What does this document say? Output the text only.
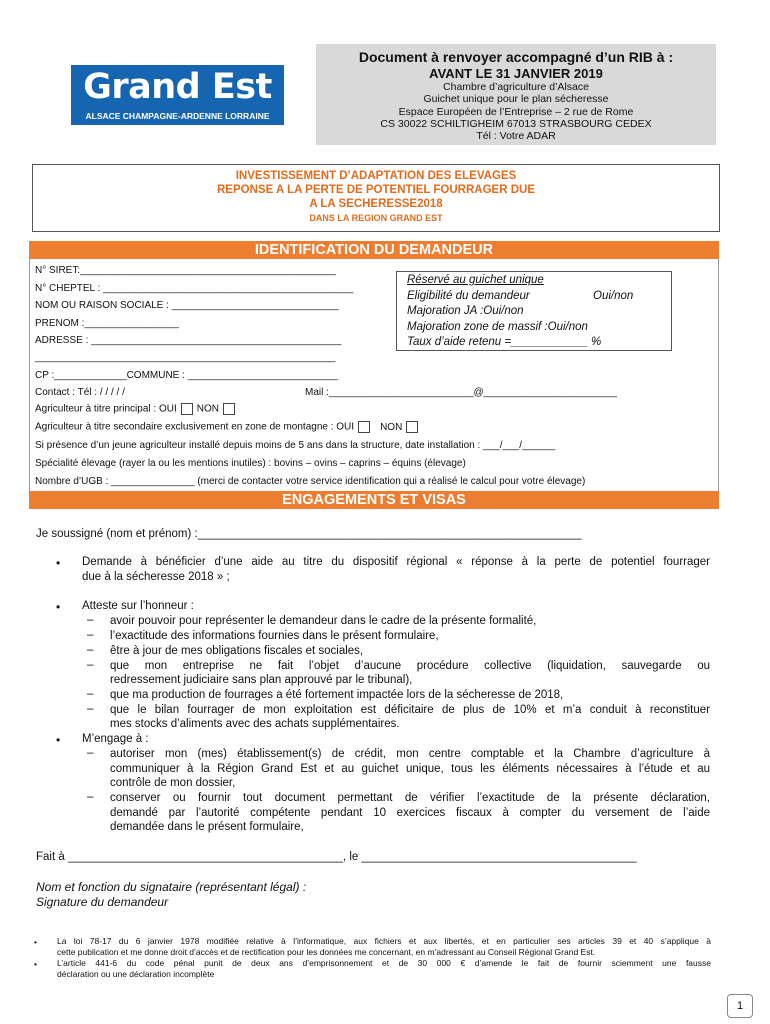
Grand Est
ALSACE CHAMPAGNE-ARDENNE LORRAINE
Document à renvoyer accompagné d’un RIB à :
AVANT LE 31 JANVIER 2019
Chambre d’agriculture d’Alsace
Guichet unique pour le plan sécheresse
Espace Européen de l’Entreprise – 2 rue de Rome
CS 30022 SCHILTIGHEIM 67013 STRASBOURG CEDEX
Tél : Votre ADAR
INVESTISSEMENT D’ADAPTATION DES ELEVAGES
REPONSE A LA PERTE DE POTENTIEL FOURRAGER DUE
A LA SECHERESSE2018
DANS LA REGION GRAND EST
IDENTIFICATION DU DEMANDEUR
N° SIRET:______________________________________________
N° CHEPTEL : _____________________________________________
NOM OU RAISON SOCIALE : ______________________________
PRENOM :_________________
ADRESSE : _____________________________________________
______________________________________________________
Réservé au guichet unique
Eligibilité du demandeur	Oui/non
Majoration JA :Oui/non
Majoration zone de massif :Oui/non
Taux d’aide retenu =____________ %
CP :_____________COMMUNE : ___________________________
Contact : Tél : / / / / /	Mail :__________________________@________________________
Agriculteur à titre principal : OUI NON
Agriculteur à titre secondaire exclusivement en zone de montagne : OUI	NON
Si présence d’un jeune agriculteur installé depuis moins de 5 ans dans la structure, date installation : ___/___/______
Spécialité élevage (rayer la ou les mentions inutiles) : bovins – ovins – caprins – équins (élevage)
Nombre d’UGB : _______________ (merci de contacter votre service identification qui a réalisé le calcul pour votre élevage)
ENGAGEMENTS ET VISAS
Je soussigné (nom et prénom) :____________________________________________________________
• Demande à bénéficier d’une aide au titre du dispositif régional « réponse à la perte de potentiel fourrager
due à la sécheresse 2018 » ;
• Atteste sur l’honneur :
– avoir pouvoir pour représenter le demandeur dans le cadre de la présente formalité,
– l’exactitude des informations fournies dans le présent formulaire,
– être à jour de mes obligations fiscales et sociales,
– que mon entreprise ne fait l’objet d’aucune procédure collective (liquidation, sauvegarde ou
redressement judiciaire sans plan approuvé par le tribunal),
– que ma production de fourrages a été fortement impactée lors de la sécheresse de 2018,
– que le bilan fourrager de mon exploitation est déficitaire de plus de 10% et m’a conduit à reconstituer
mes stocks d’aliments avec des achats supplémentaires.
• M’engage à :
– autoriser mon (mes) établissement(s) de crédit, mon centre comptable et la Chambre d’agriculture à
communiquer à la Région Grand Est et au guichet unique, tous les éléments nécessaires à l’étude et au
contrôle de mon dossier,
– conserver ou fournir tout document permettant de vérifier l’exactitude de la présente déclaration,
demandé par l’autorité compétente pendant 10 exercices fiscaux à compter du versement de l’aide
demandée dans le présent formulaire,
Fait à ___________________________________________, le ___________________________________________
Nom et fonction du signataire (représentant légal) :
Signature du demandeur
• La loi 78-17 du 6 janvier 1978 modifiée relative à l’informatique, aux fichiers et aux libertés, et en particulier ses articles 39 et 40 s’applique à
cette publication et me donne droit d’accès et de rectification pour les données me concernant, en m’adressant au Conseil Régional Grand Est.
• L’article 441-6 du code pénal punit de deux ans d’emprisonnement et de 30 000 € d’amende le fait de fournir sciemment une fausse
déclaration ou une déclaration incomplète
1
